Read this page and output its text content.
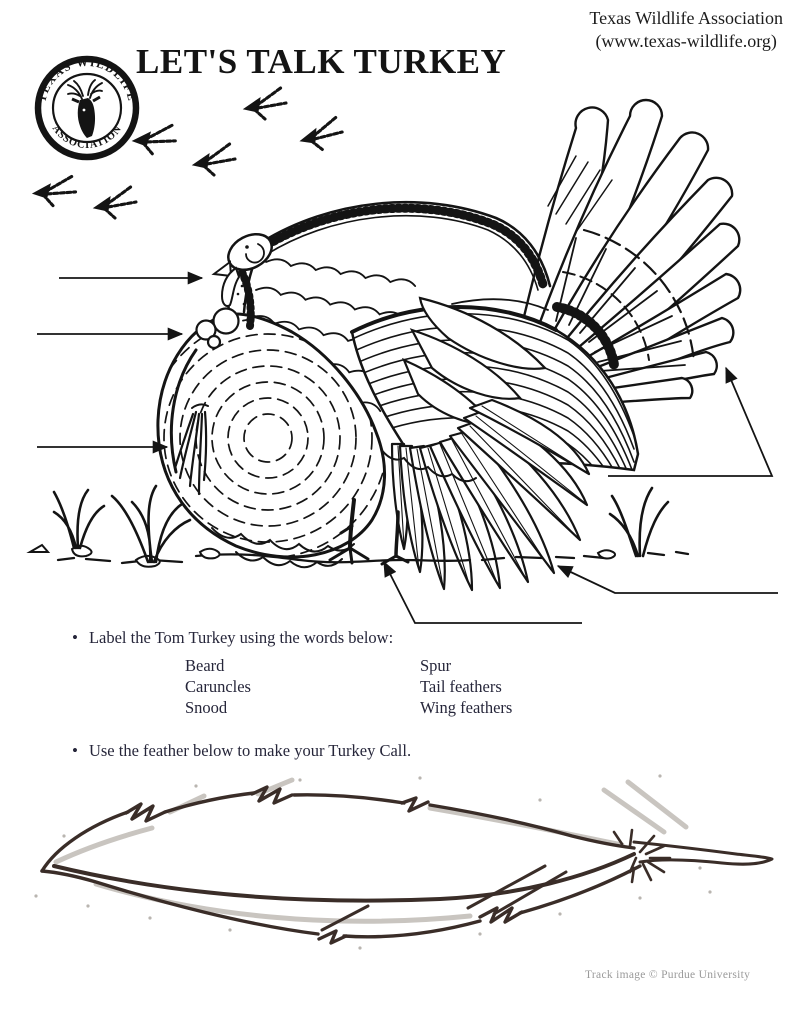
Texas Wildlife Association
(www.texas-wildlife.org)
TEXAS WILDLIFE
ASSOCIATION
LET'S TALK TURKEY
• Label the Tom Turkey using the words below:
Beard
Caruncles
Snood
Spur
Tail feathers
Wing feathers
• Use the feather below to make your Turkey Call.
Track image © Purdue University
